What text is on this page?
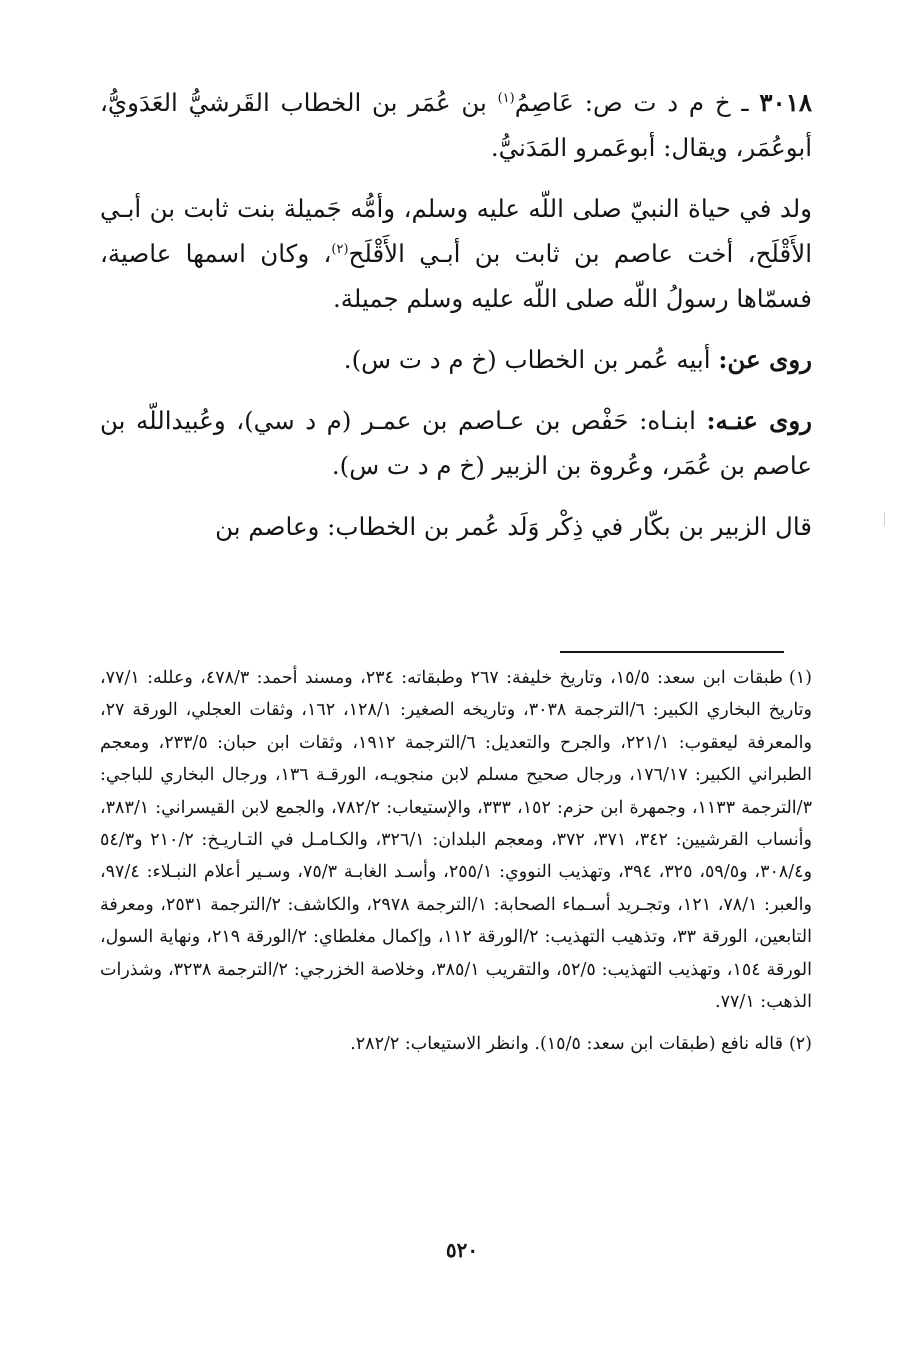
٣٠١٨ ـ خ م د ت ص: عَاصِمُ$^{(١)}$ بن عُمَر بن الخطاب القَرشيُّ العَدَويُّ، أبوعُمَر، ويقال: أبوعَمرو المَدَنيُّ.

ولد في حياة النبيّ صلى اللّه عليه وسلم، وأمُّه جَميلة بنت ثابت بن أبـي الأَقْلَح، أخت عاصم بن ثابت بن أبـي الأَقْلَح$^{(٢)}$، وكان اسمها عاصية، فسمّاها رسولُ اللّه صلى اللّه عليه وسلم جميلة.

روى عن: أبيه عُمر بن الخطاب (خ م د ت س).

روى عنـه: ابنـاه: حَفْص بن عـاصم بن عمـر (م د سي)، وعُبيداللّه بن عاصم بن عُمَر، وعُروة بن الزبير (خ م د ت س).

قال الزبير بن بكّار في ذِكْر وَلَد عُمر بن الخطاب: وعاصم بن

(١)طبقات ابن سعد: ١٥/٥، وتاريخ خليفة: ٢٦٧ وطبقاته: ٢٣٤، ومسند أحمد: ٤٧٨/٣، وعلله: ٧٧/١، وتاريخ البخاري الكبير: ٦/الترجمة ٣٠٣٨، وتاريخه الصغير: ١٢٨/١، ١٦٢، وثقات العجلي، الورقة ٢٧، والمعرفة ليعقوب: ٢٢١/١، والجرح والتعديل: ٦/الترجمة ١٩١٢، وثقات ابن حبان: ٢٣٣/٥، ومعجم الطبراني الكبير: ١٧٦/١٧، ورجال صحيح مسلم لابن منجويـه، الورقـة ١٣٦، ورجال البخاري للباجي: ٣/الترجمة ١١٣٣، وجمهرة ابن حزم: ١٥٢، ٣٣٣، والإستيعاب: ٧٨٢/٢، والجمع لابن القيسراني: ٣٨٣/١، وأنساب القرشيين: ٣٤٢، ٣٧١، ٣٧٢، ومعجم البلدان: ٣٢٦/١، والكـامـل في التـاريـخ: ٢١٠/٢ و٥٤/٣ و٣٠٨/٤، و٥٩/٥، ٣٢٥، ٣٩٤، وتهذيب النووي: ٢٥٥/١، وأسـد الغابـة ٧٥/٣، وسـير أعلام النبـلاء: ٩٧/٤، والعبر: ٧٨/١، ١٢١، وتجـريد أسـماء الصحابة: ١/الترجمة ٢٩٧٨، والكاشف: ٢/الترجمة ٢٥٣١، ومعرفة التابعين، الورقة ٣٣، وتذهيب التهذيب: ٢/الورقة ١١٢، وإكمال مغلطاي: ٢/الورقة ٢١٩، ونهاية السول، الورقة ١٥٤، وتهذيب التهذيب: ٥٢/٥، والتقريب ٣٨٥/١، وخلاصة الخزرجي: ٢/الترجمة ٣٢٣٨، وشذرات الذهب: ٧٧/١.

(٢)قاله نافع (طبقات ابن سعد: ١٥/٥). وانظر الاستيعاب: ٢٨٢/٢.

٥٢٠
